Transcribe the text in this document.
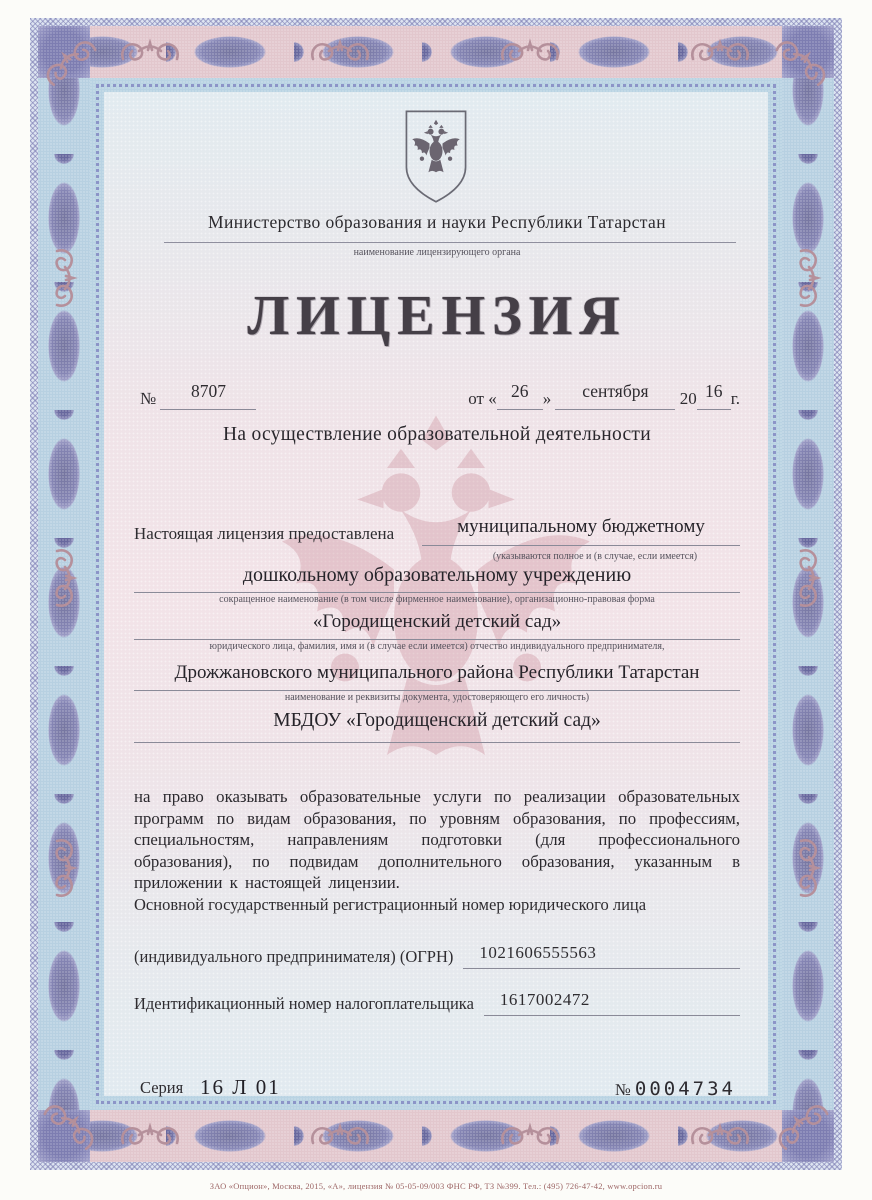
Министерство образования и науки Республики Татарстан
наименование лицензирующего органа
ЛИЦЕНЗИЯ
№ 8707	от « 26 » сентября 20 16 г.
На осуществление образовательной деятельности
Настоящая лицензия предоставлена	муниципальному бюджетному
(указываются полное и (в случае, если имеется)
дошкольному образовательному учреждению
сокращенное наименование (в том числе фирменное наименование), организационно-правовая форма
«Городищенский детский сад»
юридического лица, фамилия, имя и (в случае если имеется) отчество индивидуального предпринимателя,
Дрожжановского муниципального района Республики Татарстан
наименование и реквизиты документа, удостоверяющего его личность)
МБДОУ «Городищенский детский сад»
на право оказывать образовательные услуги по реализации образовательных программ по видам образования, по уровням образования, по профессиям, специальностям, направлениям подготовки (для профессионального образования), по подвидам дополнительного образования, указанным в приложении к настоящей лицензии.
Основной государственный регистрационный номер юридического лица
(индивидуального предпринимателя) (ОГРН)	1021606555563
Идентификационный номер налогоплательщика	1617002472
Серия 16 Л 01	№ 0004734
ЗАО «Опцион», Москва, 2015, «А», лицензия № 05-05-09/003 ФНС РФ, ТЗ №399. Тел.: (495) 726-47-42, www.opcion.ru
